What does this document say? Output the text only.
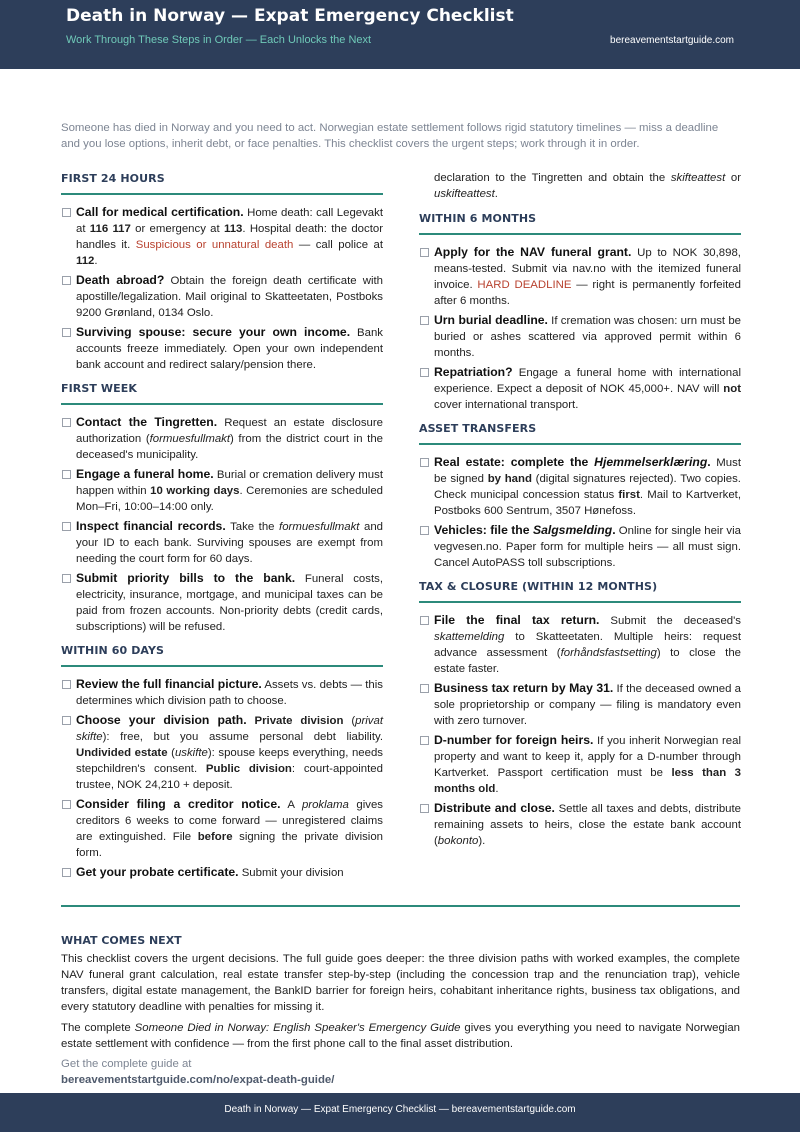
Death in Norway — Expat Emergency Checklist
Work Through These Steps in Order — Each Unlocks the Next	bereavementstartguide.com

Someone has died in Norway and you need to act. Norwegian estate settlement follows rigid statutory timelines — miss a deadline and you lose options, inherit debt, or face penalties. This checklist covers the urgent steps; work through it in order.

FIRST 24 HOURS
Call for medical certification. Home death: call Legevakt at 116 117 or emergency at 113. Hospital death: the doctor handles it. Suspicious or unnatural death — call police at 112.
Death abroad? Obtain the foreign death certificate with apostille/legalization. Mail original to Skatteetaten, Postboks 9200 Grønland, 0134 Oslo.
Surviving spouse: secure your own income. Bank accounts freeze immediately. Open your own independent bank account and redirect salary/pension there.
FIRST WEEK
Contact the Tingretten. Request an estate disclosure authorization (formuesfullmakt) from the district court in the deceased's municipality.
Engage a funeral home. Burial or cremation delivery must happen within 10 working days. Ceremonies are scheduled Mon–Fri, 10:00–14:00 only.
Inspect financial records. Take the formuesfullmakt and your ID to each bank. Surviving spouses are exempt from needing the court form for 60 days.
Submit priority bills to the bank. Funeral costs, electricity, insurance, mortgage, and municipal taxes can be paid from frozen accounts. Non-priority debts (credit cards, subscriptions) will be refused.
WITHIN 60 DAYS
Review the full financial picture. Assets vs. debts — this determines which division path to choose.
Choose your division path. Private division (privat skifte): free, but you assume personal debt liability. Undivided estate (uskifte): spouse keeps everything, needs stepchildren's consent. Public division: court-appointed trustee, NOK 24,210 + deposit.
Consider filing a creditor notice. A proklama gives creditors 6 weeks to come forward — unregistered claims are extinguished. File before signing the private division form.
Get your probate certificate. Submit your division

declaration to the Tingretten and obtain the skifteattest or uskifteattest.

WITHIN 6 MONTHS
Apply for the NAV funeral grant. Up to NOK 30,898, means-tested. Submit via nav.no with the itemized funeral invoice. HARD DEADLINE — right is permanently forfeited after 6 months.
Urn burial deadline. If cremation was chosen: urn must be buried or ashes scattered via approved permit within 6 months.
Repatriation? Engage a funeral home with international experience. Expect a deposit of NOK 45,000+. NAV will not cover international transport.
ASSET TRANSFERS
Real estate: complete the Hjemmelserklæring. Must be signed by hand (digital signatures rejected). Two copies. Check municipal concession status first. Mail to Kartverket, Postboks 600 Sentrum, 3507 Hønefoss.
Vehicles: file the Salgsmelding. Online for single heir via vegvesen.no. Paper form for multiple heirs — all must sign. Cancel AutoPASS toll subscriptions.
TAX & CLOSURE (WITHIN 12 MONTHS)
File the final tax return. Submit the deceased's skattemelding to Skatteetaten. Multiple heirs: request advance assessment (forhåndsfastsetting) to close the estate faster.
Business tax return by May 31. If the deceased owned a sole proprietorship or company — filing is mandatory even with zero turnover.
D-number for foreign heirs. If you inherit Norwegian real property and want to keep it, apply for a D-number through Kartverket. Passport certification must be less than 3 months old.
Distribute and close. Settle all taxes and debts, distribute remaining assets to heirs, close the estate bank account (bokonto).
WHAT COMES NEXT

This checklist covers the urgent decisions. The full guide goes deeper: the three division paths with worked examples, the complete NAV funeral grant calculation, real estate transfer step-by-step (including the concession trap and the renunciation trap), vehicle transfers, digital estate management, the BankID barrier for foreign heirs, cohabitant inheritance rights, business tax obligations, and every statutory deadline with penalties for missing it.

The complete Someone Died in Norway: English Speaker's Emergency Guide gives you everything you need to navigate Norwegian estate settlement with confidence — from the first phone call to the final asset distribution.

Get the complete guide at
bereavementstartguide.com/no/expat-death-guide/
Death in Norway — Expat Emergency Checklist — bereavementstartguide.com
